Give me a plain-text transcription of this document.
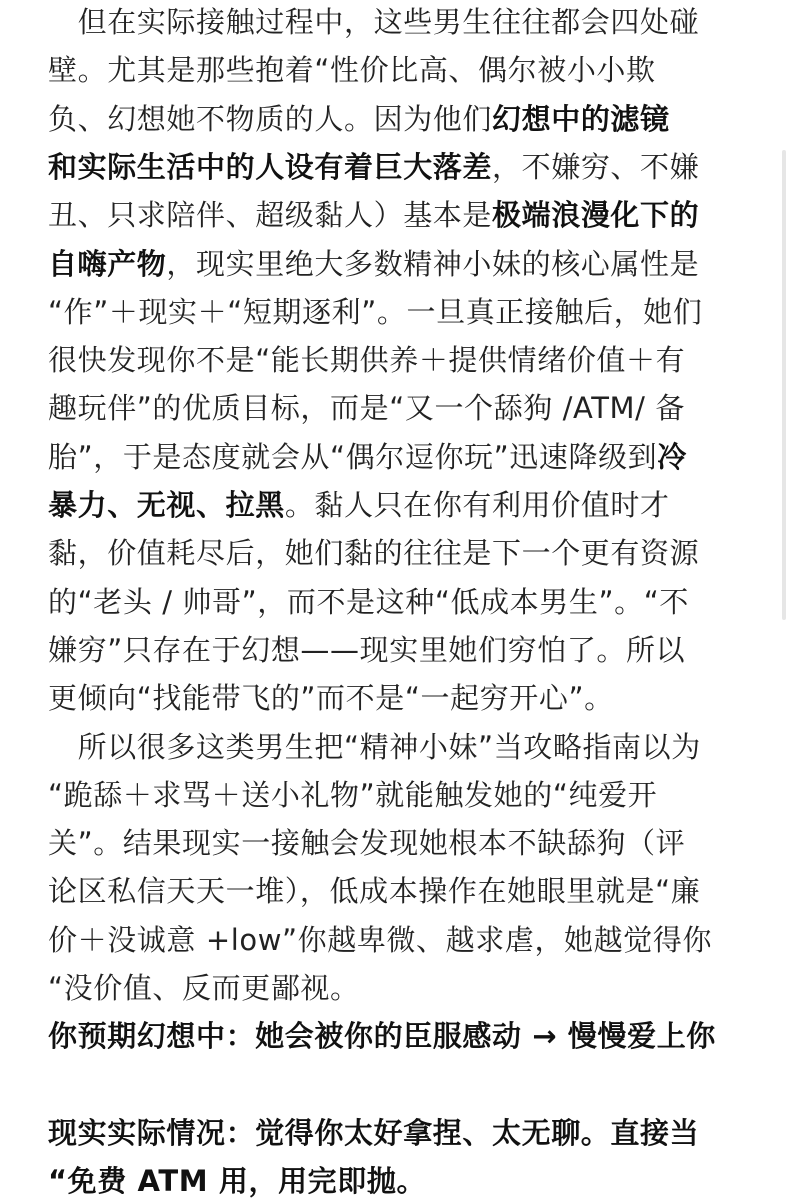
　但在实际接触过程中，这些男生往往都会四处碰
壁。尤其是那些抱着“性价比高、偶尔被小小欺
负、幻想她不物质的人。因为他们幻想中的滤镜
和实际生活中的人设有着巨大落差，不嫌穷、不嫌
丑、只求陪伴、超级黏人）基本是极端浪漫化下的
自嗨产物，现实里绝大多数精神小妹的核心属性是
“作”＋现实＋“短期逐利”。一旦真正接触后，她们
很快发现你不是“能长期供养＋提供情绪价值＋有
趣玩伴”的优质目标，而是“又一个舔狗 /ATM/ 备
胎”，于是态度就会从“偶尔逗你玩”迅速降级到冷
暴力、无视、拉黑。黏人只在你有利用价值时才
黏，价值耗尽后，她们黏的往往是下一个更有资源
的“老头 / 帅哥”，而不是这种“低成本男生”。“不
嫌穷”只存在于幻想——现实里她们穷怕了。所以
更倾向“找能带飞的”而不是“一起穷开心”。
　所以很多这类男生把“精神小妹”当攻略指南以为
“跪舔＋求骂＋送小礼物”就能触发她的“纯爱开
关”。结果现实一接触会发现她根本不缺舔狗（评
论区私信天天一堆），低成本操作在她眼里就是“廉
价＋没诚意 +low”你越卑微、越求虐，她越觉得你
“没价值、反而更鄙视。
你预期幻想中：她会被你的臣服感动 → 慢慢爱上你
现实实际情况：觉得你太好拿捏、太无聊。直接当
“免费 ATM 用，用完即抛。
